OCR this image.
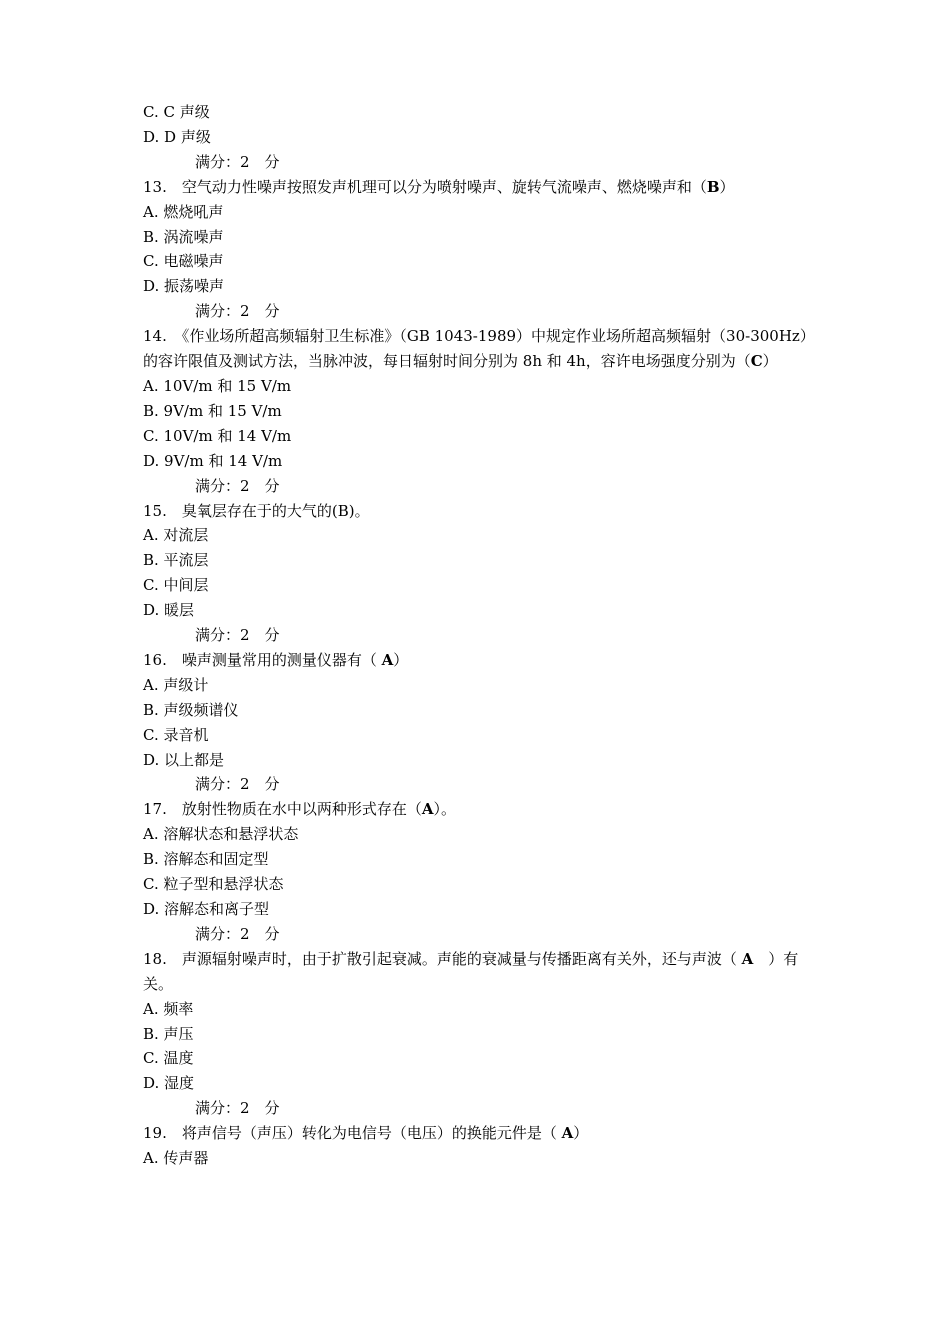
C. C 声级
D. D 声级
满分：2　分
13.　空气动力性噪声按照发声机理可以分为喷射噪声、旋转气流噪声、燃烧噪声和（B）
A. 燃烧吼声
B. 涡流噪声
C. 电磁噪声
D. 振荡噪声
满分：2　分
14.　《作业场所超高频辐射卫生标准》（GB 1043-1989）中规定作业场所超高频辐射（30-300Hz）的容许限值及测试方法，当脉冲波，每日辐射时间分别为 8h 和 4h，容许电场强度分别为（C）
A. 10V/m 和 15 V/m
B. 9V/m 和 15 V/m
C. 10V/m 和 14 V/m
D. 9V/m 和 14 V/m
满分：2　分
15.　臭氧层存在于的大气的(B)。
A. 对流层
B. 平流层
C. 中间层
D. 暖层
满分：2　分
16.　噪声测量常用的测量仪器有（ A）
A. 声级计
B. 声级频谱仪
C. 录音机
D. 以上都是
满分：2　分
17.　放射性物质在水中以两种形式存在（A）。
A. 溶解状态和悬浮状态
B. 溶解态和固定型
C. 粒子型和悬浮状态
D. 溶解态和离子型
满分：2　分
18.　声源辐射噪声时，由于扩散引起衰减。声能的衰减量与传播距离有关外，还与声波（ A　）有关。
A. 频率
B. 声压
C. 温度
D. 湿度
满分：2　分
19.　将声信号（声压）转化为电信号（电压）的换能元件是（ A）
A. 传声器
